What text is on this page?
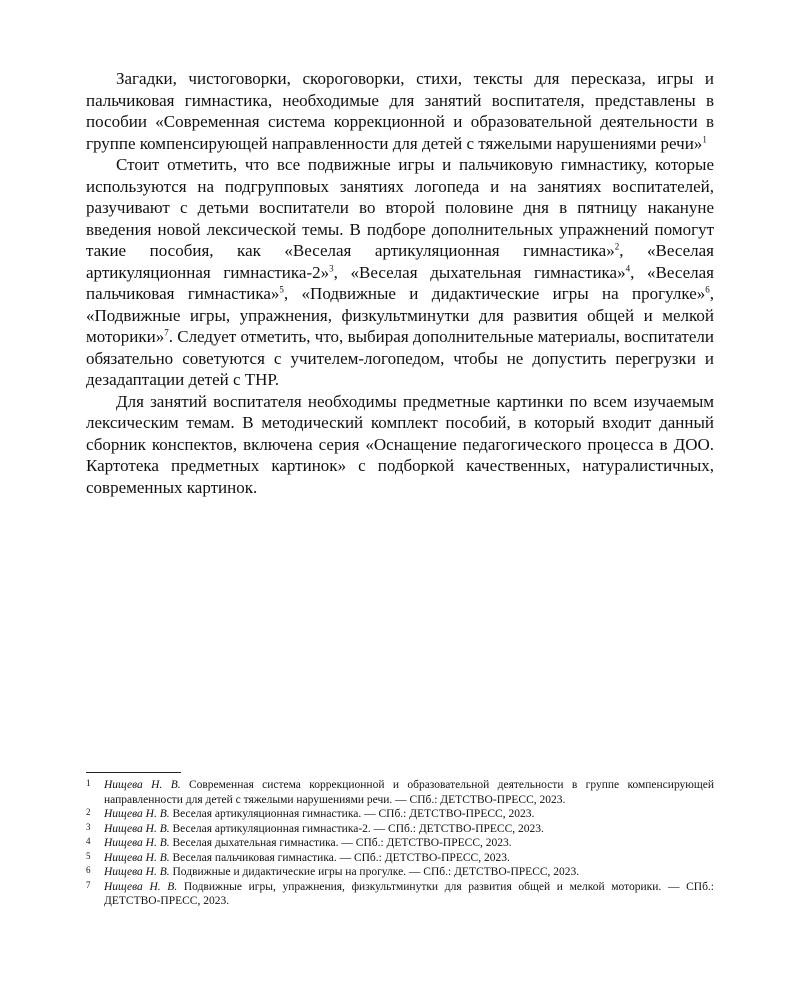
Загадки, чистоговорки, скороговорки, стихи, тексты для пересказа, игры и пальчиковая гимнастика, необходимые для занятий воспитателя, представлены в пособии «Современная система коррекционной и образовательной деятельности в группе компенсирующей направленности для детей с тяжелыми нарушениями речи»$^1$

Стоит отметить, что все подвижные игры и пальчиковую гимнастику, которые используются на подгрупповых занятиях логопеда и на занятиях воспитателей, разучивают с детьми воспитатели во второй половине дня в пятницу накануне введения новой лексической темы. В подборе дополнительных упражнений помогут такие пособия, как «Веселая артикуляционная гимнастика»$^2$, «Веселая артикуляционная гимнастика-2»$^3$, «Веселая дыхательная гимнастика»$^4$, «Веселая пальчиковая гимнастика»$^5$, «Подвижные и дидактические игры на прогулке»$^6$, «Подвижные игры, упражнения, физкультминутки для развития общей и мелкой моторики»$^7$. Следует отметить, что, выбирая дополнительные материалы, воспитатели обязательно советуются с учителем-логопедом, чтобы не допустить перегрузки и дезадаптации детей с ТНР.

Для занятий воспитателя необходимы предметные картинки по всем изучаемым лексическим темам. В методический комплект пособий, в который входит данный сборник конспектов, включена серия «Оснащение педагогического процесса в ДОО. Картотека предметных картинок» с подборкой качественных, натуралистичных, современных картинок.

1 Нищева Н. В. Современная система коррекционной и образовательной деятельности в группе компенсирующей направленности для детей с тяжелыми нарушениями речи. — СПб.: ДЕТСТВО-ПРЕСС, 2023.
2 Нищева Н. В. Веселая артикуляционная гимнастика. — СПб.: ДЕТСТВО-ПРЕСС, 2023.
3 Нищева Н. В. Веселая артикуляционная гимнастика-2. — СПб.: ДЕТСТВО-ПРЕСС, 2023.
4 Нищева Н. В. Веселая дыхательная гимнастика. — СПб.: ДЕТСТВО-ПРЕСС, 2023.
5 Нищева Н. В. Веселая пальчиковая гимнастика. — СПб.: ДЕТСТВО-ПРЕСС, 2023.
6 Нищева Н. В. Подвижные и дидактические игры на прогулке. — СПб.: ДЕТСТВО-ПРЕСС, 2023.
7 Нищева Н. В. Подвижные игры, упражнения, физкультминутки для развития общей и мелкой моторики. — СПб.: ДЕТСТВО-ПРЕСС, 2023.
